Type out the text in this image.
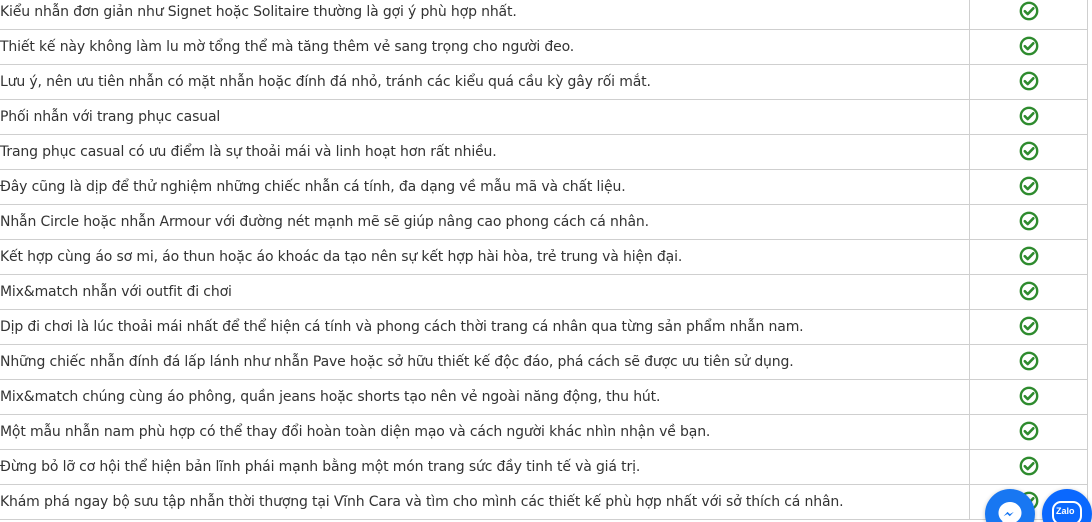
Kiểu nhẫn đơn giản như Signet hoặc Solitaire thường là gợi ý phù hợp nhất.	

Thiết kế này không làm lu mờ tổng thể mà tăng thêm vẻ sang trọng cho người đeo.	

Lưu ý, nên ưu tiên nhẫn có mặt nhẫn hoặc đính đá nhỏ, tránh các kiểu quá cầu kỳ gây rối mắt.	

Phối nhẫn với trang phục casual	

Trang phục casual có ưu điểm là sự thoải mái và linh hoạt hơn rất nhiều.	

Đây cũng là dịp để thử nghiệm những chiếc nhẫn cá tính, đa dạng về mẫu mã và chất liệu.	

Nhẫn Circle hoặc nhẫn Armour với đường nét mạnh mẽ sẽ giúp nâng cao phong cách cá nhân.	

Kết hợp cùng áo sơ mi, áo thun hoặc áo khoác da tạo nên sự kết hợp hài hòa, trẻ trung và hiện đại.	

Mix&match nhẫn với outfit đi chơi	

Dịp đi chơi là lúc thoải mái nhất để thể hiện cá tính và phong cách thời trang cá nhân qua từng sản phẩm nhẫn nam.	

Những chiếc nhẫn đính đá lấp lánh như nhẫn Pave hoặc sở hữu thiết kế độc đáo, phá cách sẽ được ưu tiên sử dụng.	

Mix&match chúng cùng áo phông, quần jeans hoặc shorts tạo nên vẻ ngoài năng động, thu hút.	

Một mẫu nhẫn nam phù hợp có thể thay đổi hoàn toàn diện mạo và cách người khác nhìn nhận về bạn.	

Đừng bỏ lỡ cơ hội thể hiện bản lĩnh phái mạnh bằng một món trang sức đầy tinh tế và giá trị.	

Khám phá ngay bộ sưu tập nhẫn thời thượng tại Vĩnh Cara và tìm cho mình các thiết kế phù hợp nhất với sở thích cá nhân.	
Zalo
